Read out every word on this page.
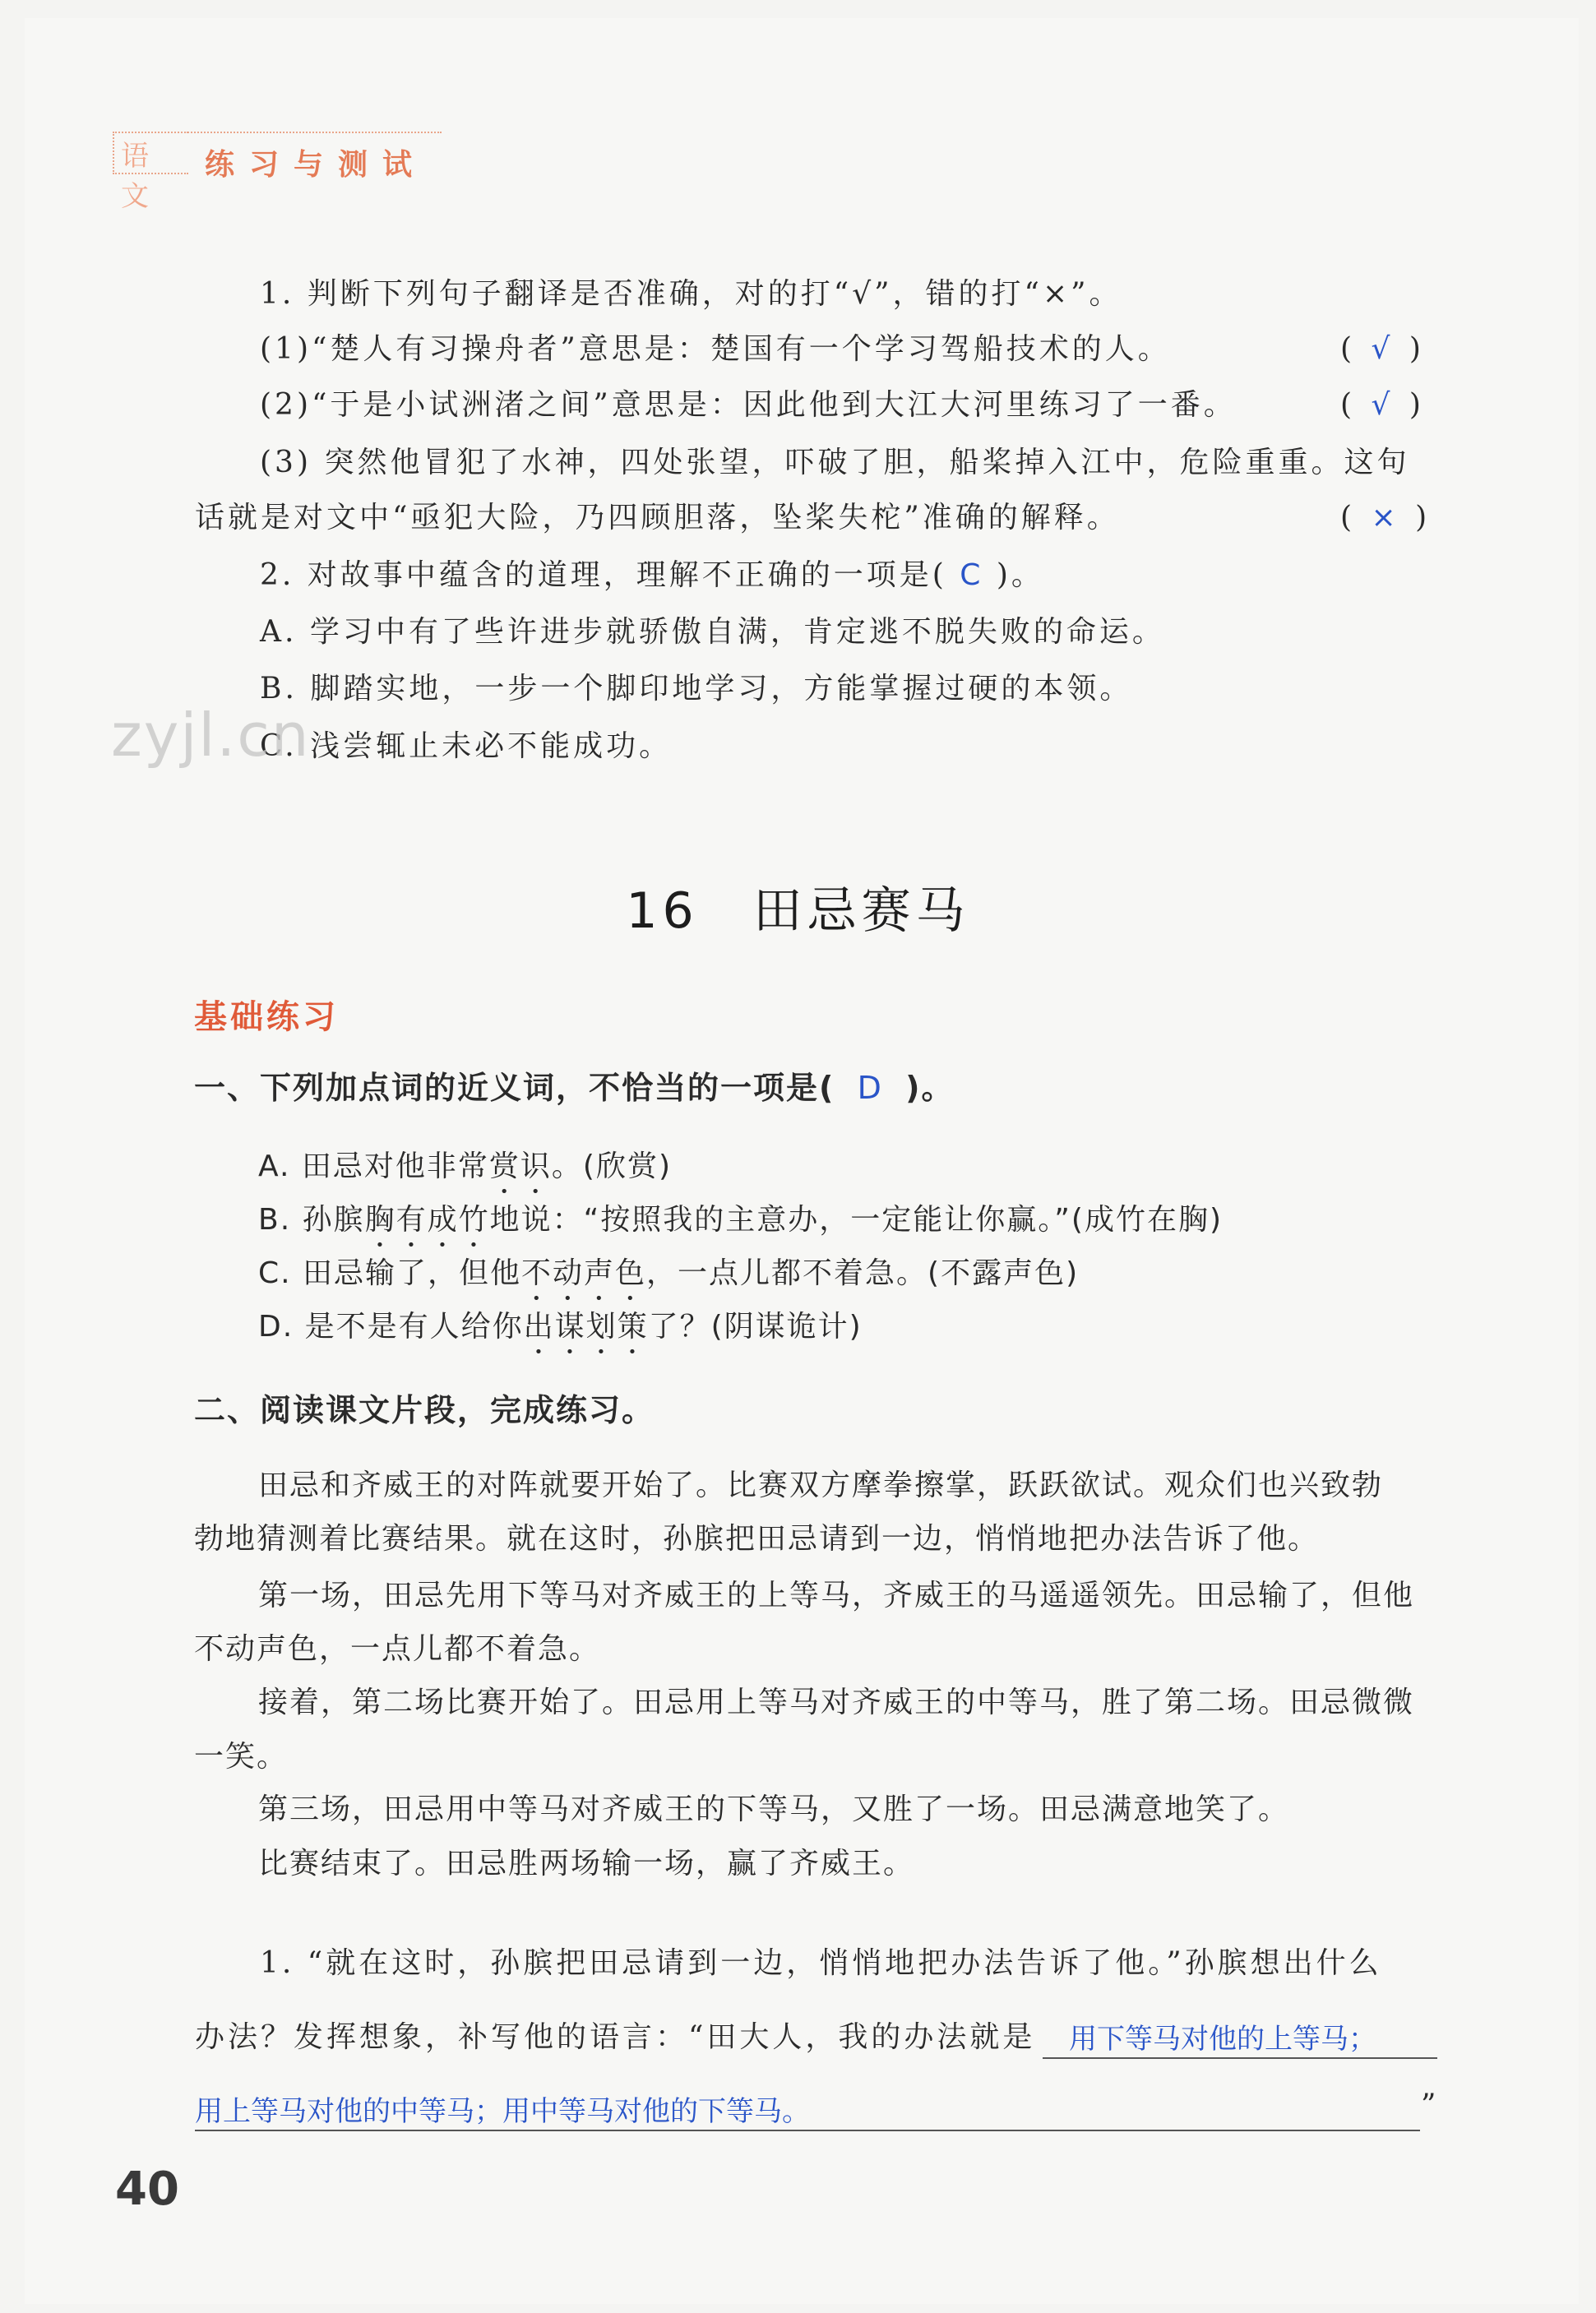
语文
练习与测试
1. 判断下列句子翻译是否准确，对的打“√”，错的打“×”。
(1)“楚人有习操舟者”意思是：楚国有一个学习驾船技术的人。	( √ )
(2)“于是小试洲渚之间”意思是：因此他到大江大河里练习了一番。	( √ )
(3) 突然他冒犯了水神，四处张望，吓破了胆，船桨掉入江中，危险重重。这句
话就是对文中“亟犯大险，乃四顾胆落，坠桨失柁”准确的解释。	( × )
2. 对故事中蕴含的道理，理解不正确的一项是( C )。
A. 学习中有了些许进步就骄傲自满，肯定逃不脱失败的命运。
B. 脚踏实地，一步一个脚印地学习，方能掌握过硬的本领。
C. 浅尝辄止未必不能成功。
zyjl.cn
16　田忌赛马
基础练习
一、下列加点词的近义词，不恰当的一项是( D )。
A. 田忌对他非常赏识。(欣赏)
B. 孙膑胸有成竹地说：“按照我的主意办，一定能让你赢。”(成竹在胸)
C. 田忌输了，但他不动声色，一点儿都不着急。(不露声色)
D. 是不是有人给你出谋划策了？(阴谋诡计)
二、阅读课文片段，完成练习。
田忌和齐威王的对阵就要开始了。比赛双方摩拳擦掌，跃跃欲试。观众们也兴致勃
勃地猜测着比赛结果。就在这时，孙膑把田忌请到一边，悄悄地把办法告诉了他。
第一场，田忌先用下等马对齐威王的上等马，齐威王的马遥遥领先。田忌输了，但他
不动声色，一点儿都不着急。
接着，第二场比赛开始了。田忌用上等马对齐威王的中等马，胜了第二场。田忌微微
一笑。
第三场，田忌用中等马对齐威王的下等马，又胜了一场。田忌满意地笑了。
比赛结束了。田忌胜两场输一场，赢了齐威王。
1. “就在这时，孙膑把田忌请到一边，悄悄地把办法告诉了他。”孙膑想出什么
办法？发挥想象，补写他的语言：“田大人，我的办法就是	用下等马对他的上等马；
用上等马对他的中等马；用中等马对他的下等马。	”
40
